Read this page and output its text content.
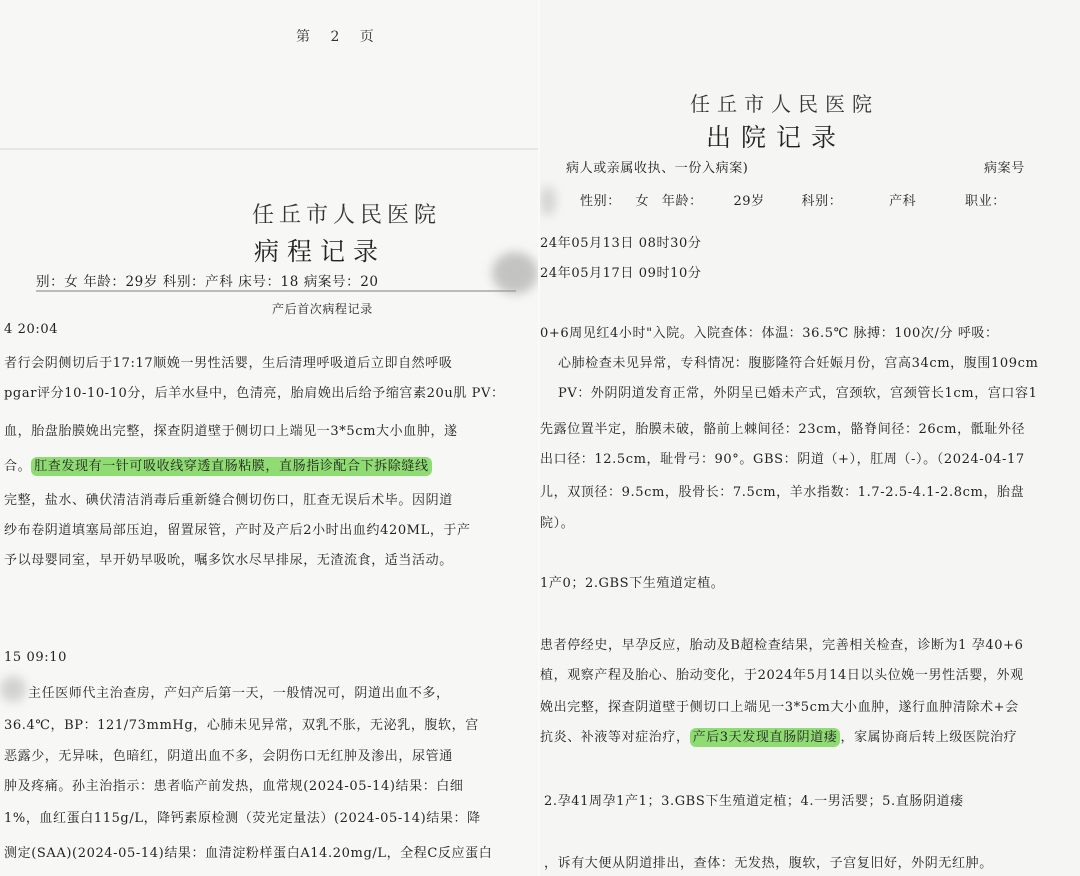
第 2 页
任丘市人民医院
病程记录
别：女 年龄：29岁 科别：产科 床号：18 病案号：20
产后首次病程记录
4 20:04
者行会阴侧切后于17:17顺娩一男性活婴，生后清理呼吸道后立即自然呼吸
pgar评分10-10-10分，后羊水昼中，色清亮，胎肩娩出后给予缩宫素20u肌 PV：
血，胎盘胎膜娩出完整，探查阴道壁于侧切口上端见一3*5cm大小血肿，遂
合。 肛查发现有一针可吸收线穿透直肠粘膜，直肠指诊配合下拆除缝线
完整，盐水、碘伏清洁消毒后重新缝合侧切伤口，肛查无误后术毕。因阴道
纱布卷阴道填塞局部压迫，留置尿管，产时及产后2小时出血约420ML，于产
予以母婴同室，早开奶早吸吮，嘱多饮水尽早排尿，无渣流食，适当活动。
15 09:10
主任医师代主治查房，产妇产后第一天，一般情况可，阴道出血不多，
36.4℃，BP：121/73mmHg，心肺未见异常，双乳不胀，无泌乳，腹软，宫
恶露少，无异味，色暗红，阴道出血不多，会阴伤口无红肿及渗出，尿管通
肿及疼痛。孙主治指示：患者临产前发热，血常规(2024-05-14)结果：白细
1%，血红蛋白115g/L，降钙素原检测（荧光定量法）(2024-05-14)结果：降
测定(SAA)(2024-05-14)结果：血清淀粉样蛋白A14.20mg/L，全程C反应蛋白
任丘市人民医院
出院记录
病人或亲属收执、一份入病案)	病案号
性别： 女 年龄： 29岁	科别：	产科	职业：
24年05月13日 08时30分
24年05月17日 09时10分
0+6周见红4小时"入院。入院查体：体温：36.5℃ 脉搏：100次/分 呼吸：
心肺检查未见异常，专科情况：腹膨隆符合妊娠月份，宫高34cm，腹围109cm
PV：外阴阴道发育正常，外阴呈已婚未产式，宫颈软，宫颈管长1cm，宫口容1
先露位置半定，胎膜未破，骼前上棘间径：23cm，骼脊间径：26cm，骶耻外径
出口径：12.5cm，耻骨弓：90°。GBS：阴道（+），肛周（-）。（2024-04-17
儿，双顶径：9.5cm，股骨长：7.5cm，羊水指数：1.7-2.5-4.1-2.8cm，胎盘
院）。
1产0；2.GBS下生殖道定植。
患者停经史，早孕反应，胎动及B超检查结果，完善相关检查，诊断为1 孕40+6
植，观察产程及胎心、胎动变化，于2024年5月14日以头位娩一男性活婴，外观
娩出完整，探查阴道壁于侧切口上端见一3*5cm大小血肿，遂行血肿清除术+会
抗炎、补液等对症治疗， 产后3天发现直肠阴道瘘 ，家属协商后转上级医院治疗
2.孕41周孕1产1；3.GBS下生殖道定植；4.一男活婴；5.直肠阴道瘘
，诉有大便从阴道排出，查体：无发热，腹软，子宫复旧好，外阴无红肿。
